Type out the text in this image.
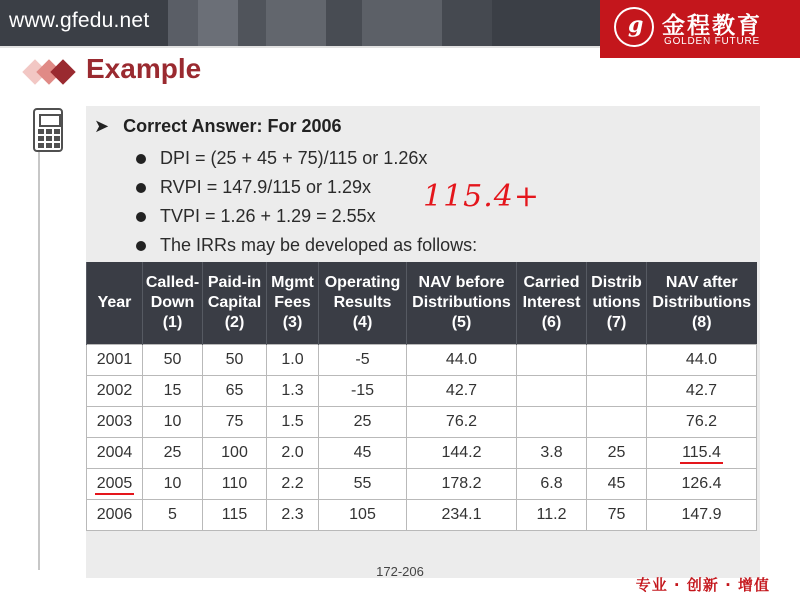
www.gfedu.net g	金程教育
GOLDEN FUTURE
Example
➤ Correct Answer: For 2006
DPI = (25 + 45 + 75)/115 or 1.26x
RVPI = 147.9/115 or 1.29x
TVPI = 1.26 + 1.29 = 2.55x
The IRRs may be developed as follows:
115.4+
Year	Called-
Down
(1)	Paid-in
Capital
(2)	Mgmt
Fees
(3)	Operating
Results
(4)	NAV before
Distributions
(5)	Carried
Interest
(6)	Distrib
utions
(7)	NAV after
Distributions
(8)
2001	50	50	1.0	-5	44.0			44.0
2002	15	65	1.3	-15	42.7			42.7
2003	10	75	1.5	25	76.2			76.2
2004	25	100	2.0	45	144.2	3.8	25	115.4
2005	10	110	2.2	55	178.2	6.8	45	126.4
2006	5	115	2.3	105	234.1	11.2	75	147.9
172-206
专业 · 创新 · 增值
